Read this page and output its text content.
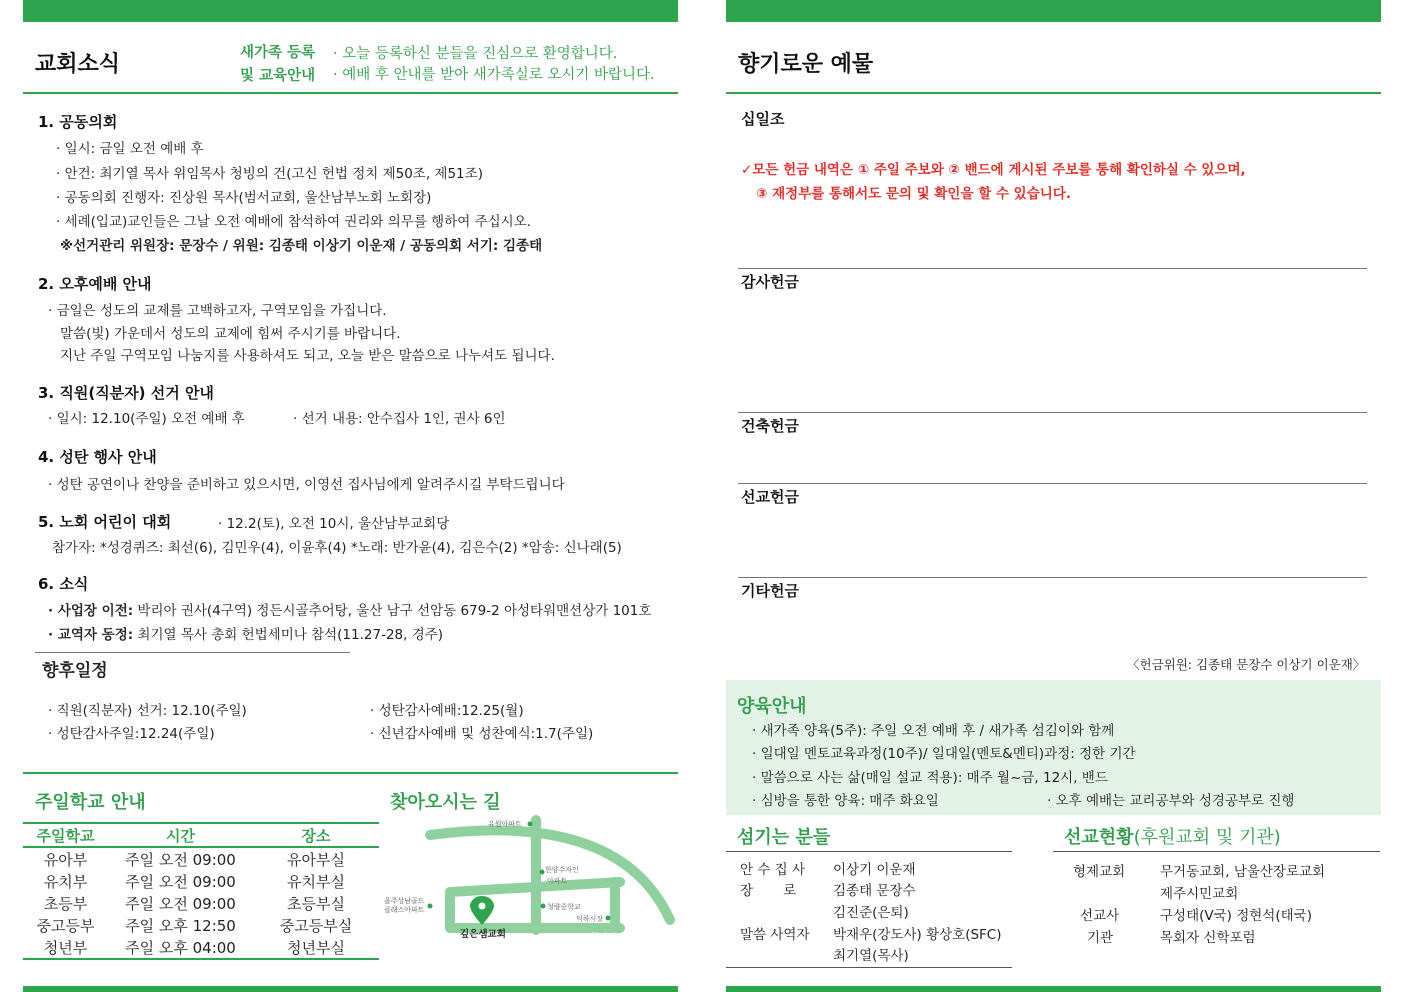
교회소식	새가족 등록
및 교육안내
· 오늘 등록하신 분들을 진심으로 환영합니다.
· 예배 후 안내를 받아 새가족실로 오시기 바랍니다.
1. 공동의회
· 일시: 금일 오전 예배 후
· 안건: 최기열 목사 위임목사 청빙의 건(고신 헌법 정치 제50조, 제51조)
· 공동의회 진행자: 진상원 목사(범서교회, 울산남부노회 노회장)
· 세례(입교)교인들은 그날 오전 예배에 참석하여 권리와 의무를 행하여 주십시오.
※선거관리 위원장: 문장수 / 위원: 김종태 이상기 이운재 / 공동의회 서기: 김종태
2. 오후예배 안내
· 금일은 성도의 교제를 고백하고자, 구역모임을 가집니다.
말씀(빛) 가운데서 성도의 교제에 힘써 주시기를 바랍니다.
지난 주일 구역모임 나눔지를 사용하셔도 되고, 오늘 받은 말씀으로 나누셔도 됩니다.
3. 직원(직분자) 선거 안내
· 일시: 12.10(주일) 오전 예배 후	· 선거 내용: 안수집사 1인, 권사 6인
4. 성탄 행사 안내
· 성탄 공연이나 찬양을 준비하고 있으시면, 이영선 집사님에게 알려주시길 부탁드립니다
5. 노회 어린이 대회	· 12.2(토), 오전 10시, 울산남부교회당
참가자: *성경퀴즈: 최선(6), 김민우(4), 이윤후(4) *노래: 반가윤(4), 김은수(2) *암송: 신나래(5)
6. 소식
· 사업장 이전: 박리아 권사(4구역) 정든시골추어탕, 울산 남구 선암동 679-2 아성타워맨션상가 101호
· 교역자 동정: 최기열 목사 총회 헌법세미나 참석(11.27-28, 경주)
향후일정
· 직원(직분자) 선거: 12.10(주일)	· 성탄감사예배:12.25(월)
· 성탄감사주일:12.24(주일)	· 신년감사예배 및 성찬예식:1.7(주일)
주일학교 안내
주일학교	시간	장소
유아부	주일 오전 09:00	유아부실
유치부	주일 오전 09:00	유치부실
초등부	주일 오전 09:00	초등부실
중고등부	주일 오후 12:50	중고등부실
청년부	주일 오후 04:00	청년부실
찾아오시는 길
송전교차로	청덕삼거리
유원아파트
한양수자인
아파트
울주상남골드
클래스아파트	청량중학교
덕하시장
깊은샘교회
향기로운 예물
십일조
✓모든 헌금 내역은 ① 주일 주보와 ② 밴드에 게시된 주보를 통해 확인하실 수 있으며,
③ 재정부를 통해서도 문의 및 확인을 할 수 있습니다.
감사헌금
건축헌금
선교헌금
기타헌금
〈헌금위원: 김종태 문장수 이상기 이운재〉
양육안내
· 새가족 양육(5주): 주일 오전 예배 후 / 새가족 섬김이와 함께
· 일대일 멘토교육과정(10주)/ 일대일(멘토&멘티)과정: 정한 기간
· 말씀으로 사는 삶(매일 설교 적용): 매주 월~금, 12시, 밴드
· 심방을 통한 양육: 매주 화요일	· 오후 예배는 교리공부와 성경공부로 진행
섬기는 분들
안 수 집 사 이상기 이운재
장       로	김종태 문장수
김진준(은퇴)
말씀 사역자 박재우(강도사) 황상호(SFC)
최기열(목사)
선교현황(후원교회 및 기관)
형제교회	무거동교회, 남울산장로교회
제주시민교회
선교사	구성태(V국) 정현석(태국)
기관	목회자 신학포럼
